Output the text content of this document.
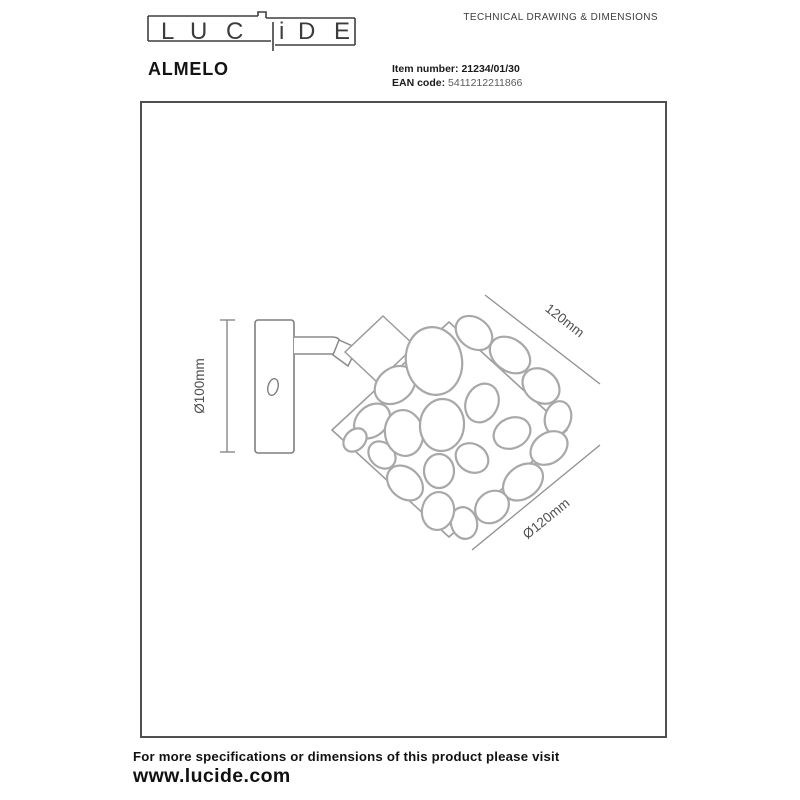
L U C i D E
TECHNICAL DRAWING & DIMENSIONS
ALMELO	Item number: 21234/01/30
EAN code: 5411212211866
Ø100mm
120mm
Ø120mm
For more specifications or dimensions of this product please visit
www.lucide.com
